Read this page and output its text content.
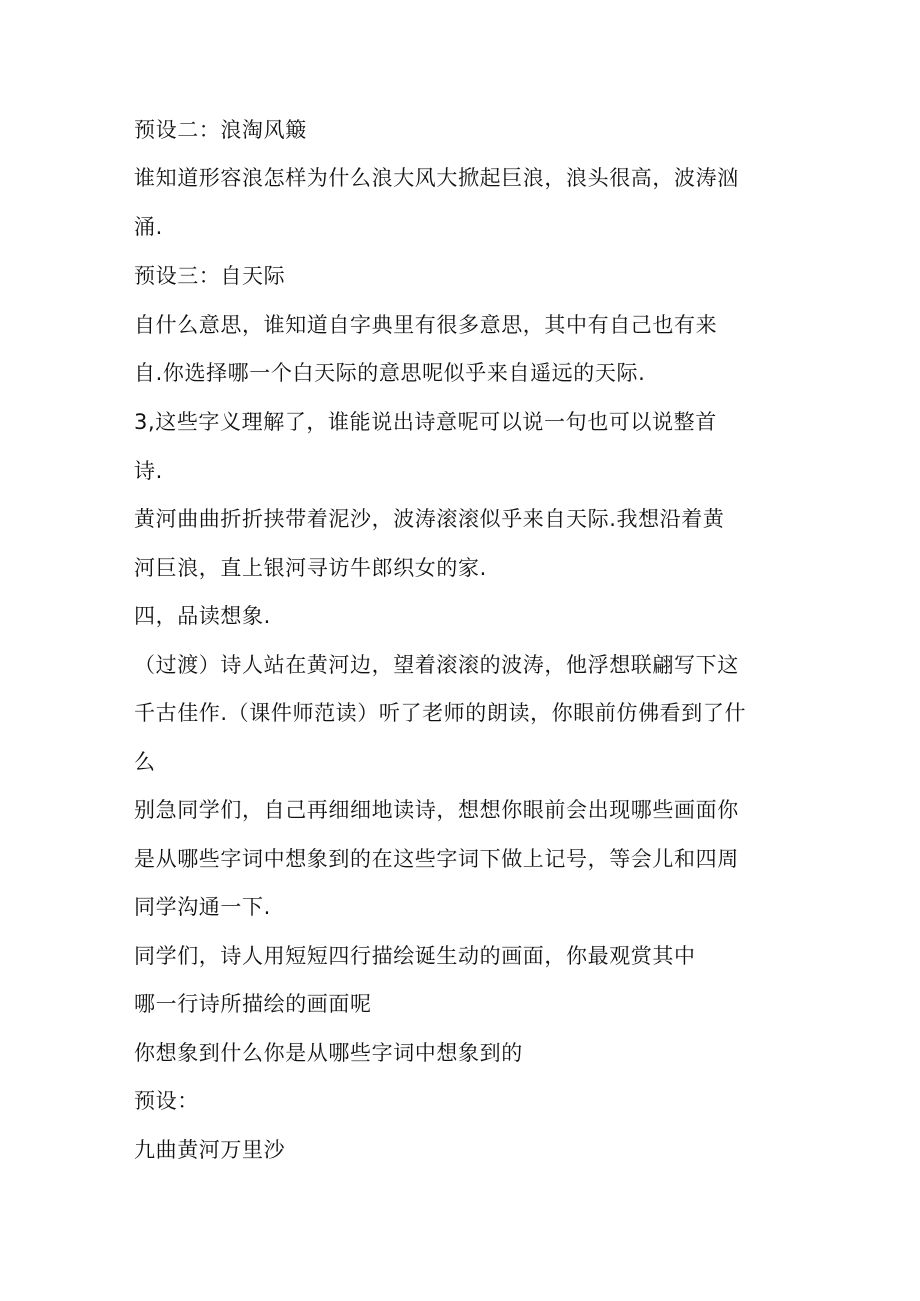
预设二：浪淘风簸
谁知道形容浪怎样为什么浪大风大掀起巨浪，浪头很高，波涛汹
涌.
预设三：自天际
自什么意思，谁知道自字典里有很多意思，其中有自己也有来
自.你选择哪一个白天际的意思呢似乎来自遥远的天际.
3,这些字义理解了，谁能说出诗意呢可以说一句也可以说整首
诗.
黄河曲曲折折挟带着泥沙，波涛滚滚似乎来自天际.我想沿着黄
河巨浪，直上银河寻访牛郎织女的家.
四，品读想象.
（过渡）诗人站在黄河边，望着滚滚的波涛，他浮想联翩写下这
千古佳作.（课件师范读）听了老师的朗读，你眼前仿佛看到了什
么
别急同学们，自己再细细地读诗，想想你眼前会出现哪些画面你
是从哪些字词中想象到的在这些字词下做上记号，等会儿和四周
同学沟通一下.
同学们，诗人用短短四行描绘诞生动的画面，你最观赏其中
哪一行诗所描绘的画面呢
你想象到什么你是从哪些字词中想象到的
预设：
九曲黄河万里沙
